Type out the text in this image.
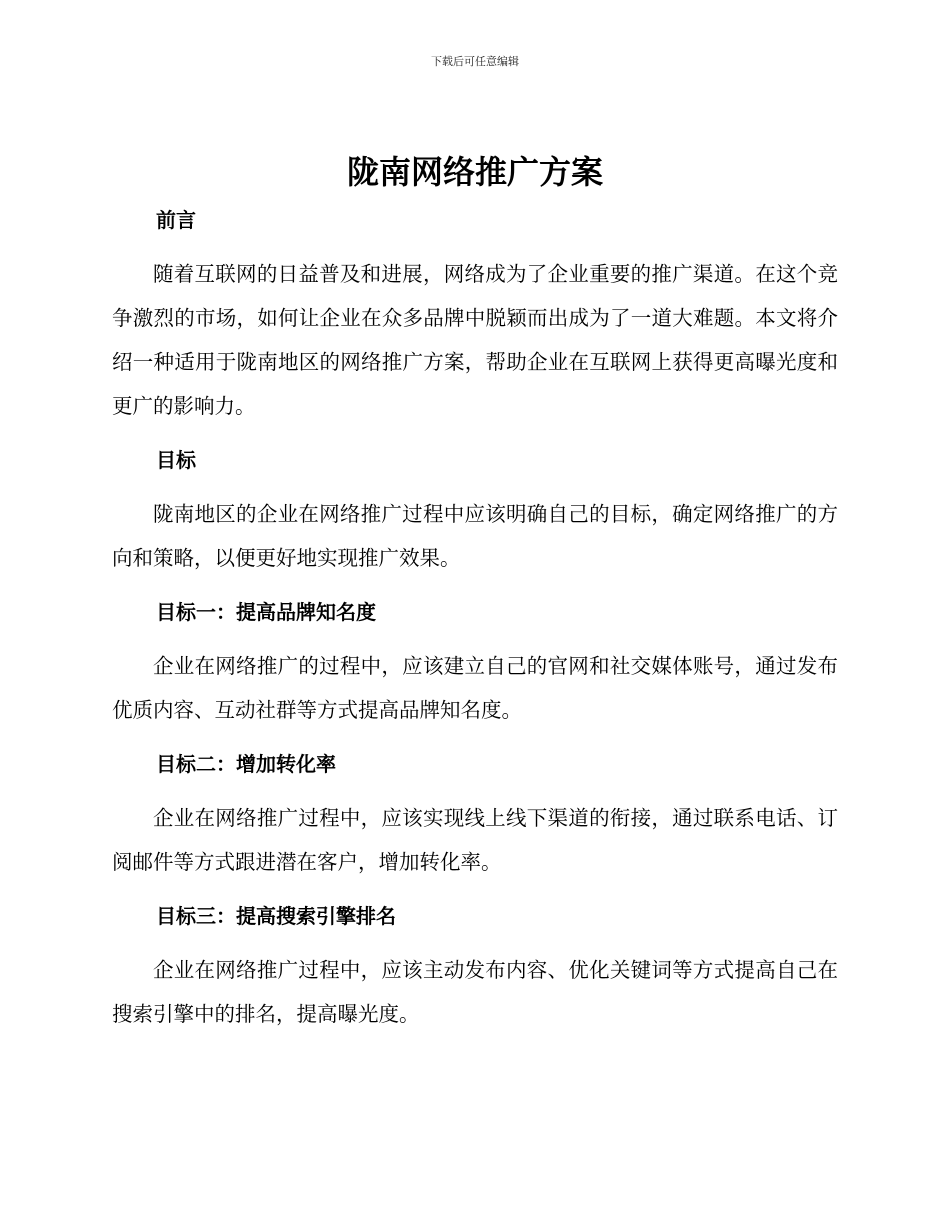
下载后可任意编辑
陇南网络推广方案
前言

随着互联网的日益普及和进展，网络成为了企业重要的推广渠道。在这个竞争激烈的市场，如何让企业在众多品牌中脱颖而出成为了一道大难题。本文将介绍一种适用于陇南地区的网络推广方案，帮助企业在互联网上获得更高曝光度和更广的影响力。

目标

陇南地区的企业在网络推广过程中应该明确自己的目标，确定网络推广的方向和策略，以便更好地实现推广效果。

目标一：提高品牌知名度

企业在网络推广的过程中，应该建立自己的官网和社交媒体账号，通过发布优质内容、互动社群等方式提高品牌知名度。

目标二：增加转化率

企业在网络推广过程中，应该实现线上线下渠道的衔接，通过联系电话、订阅邮件等方式跟进潜在客户，增加转化率。

目标三：提高搜索引擎排名

企业在网络推广过程中，应该主动发布内容、优化关键词等方式提高自己在搜索引擎中的排名，提高曝光度。
